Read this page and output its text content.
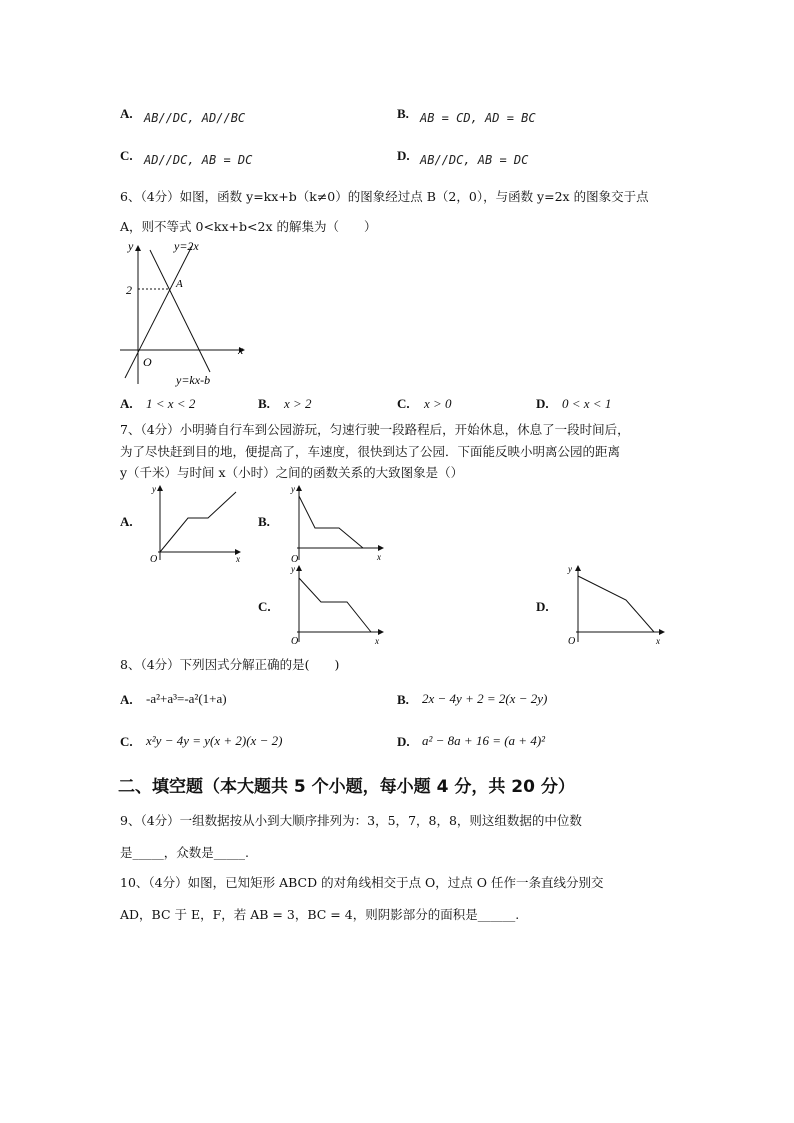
A. AB//DC, AD//BC	B. AB = CD, AD = BC
C. AD//DC, AB = DC	D. AB//DC, AB = DC
6、（4分）如图，函数 y=kx+b（k≠0）的图象经过点 B（2，0），与函数 y=2x 的图象交于点
A，则不等式 0<kx+b<2x 的解集为（　　）
y
x
O
y=2x
y=kx-b
2	A
A. 1 < x < 2	B. x > 2	C. x > 0	D. 0 < x < 1
7、（4分）小明骑自行车到公园游玩，匀速行驶一段路程后，开始休息，休息了一段时间后，
为了尽快赶到目的地，便提高了，车速度，很快到达了公园．下面能反映小明离公园的距离
y（千米）与时间 x（小时）之间的函数关系的大致图象是（）
A.
y
x
O
B.
y
x
O
C.
y
x
O
D.
y
x
O
8、（4分）下列因式分解正确的是(　　)
A. -a²+a³=-a²(1+a)	B. 2x − 4y + 2 = 2(x − 2y)
C. x²y − 4y = y(x + 2)(x − 2)	D. a² − 8a + 16 = (a + 4)²
二、填空题（本大题共 5 个小题，每小题 4 分，共 20 分）
9、（4分）一组数据按从小到大顺序排列为：3，5，7，8，8，则这组数据的中位数
是_____，众数是_____.
10、（4分）如图，已知矩形 ABCD 的对角线相交于点 O，过点 O 任作一条直线分别交
AD，BC 于 E，F，若 AB = 3，BC = 4，则阴影部分的面积是______.
